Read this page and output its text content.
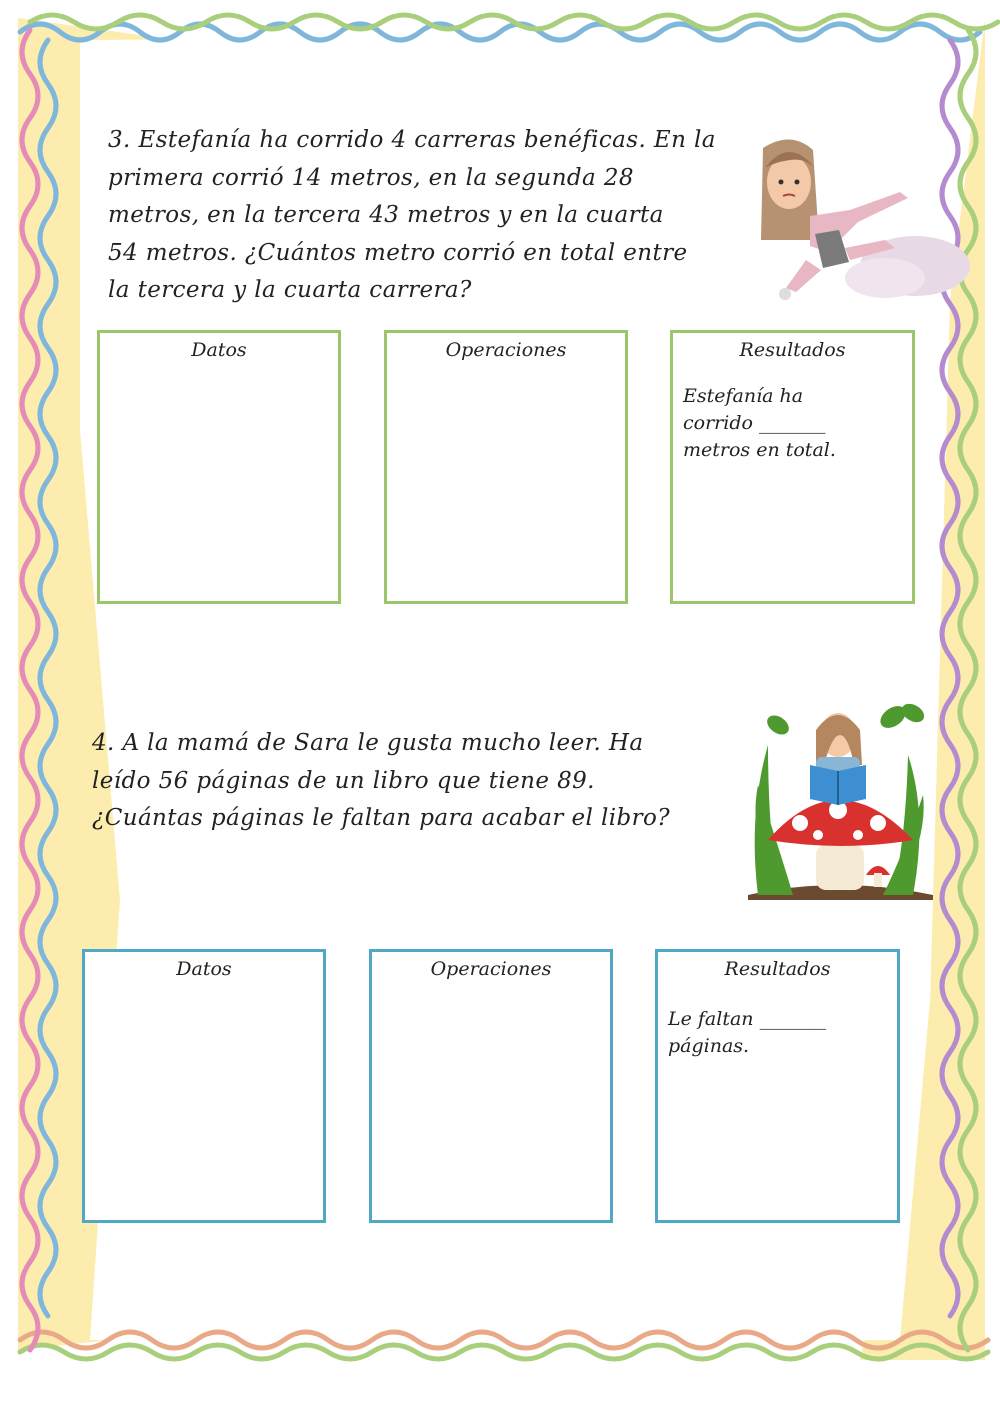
3. Estefanía ha corrido 4 carreras benéficas. En la
primera corrió 14 metros, en la segunda 28
metros, en la tercera 43 metros y en la cuarta
54 metros. ¿Cuántos metro corrió en total entre
la tercera y la cuarta carrera?
Datos	Operaciones	Resultados
Estefanía ha
corrido _______
metros en total.
4. A la mamá de Sara le gusta mucho leer. Ha
leído 56 páginas de un libro que tiene 89.
¿Cuántas páginas le faltan para acabar el libro?
Datos	Operaciones	Resultados
Le faltan _______
páginas.
